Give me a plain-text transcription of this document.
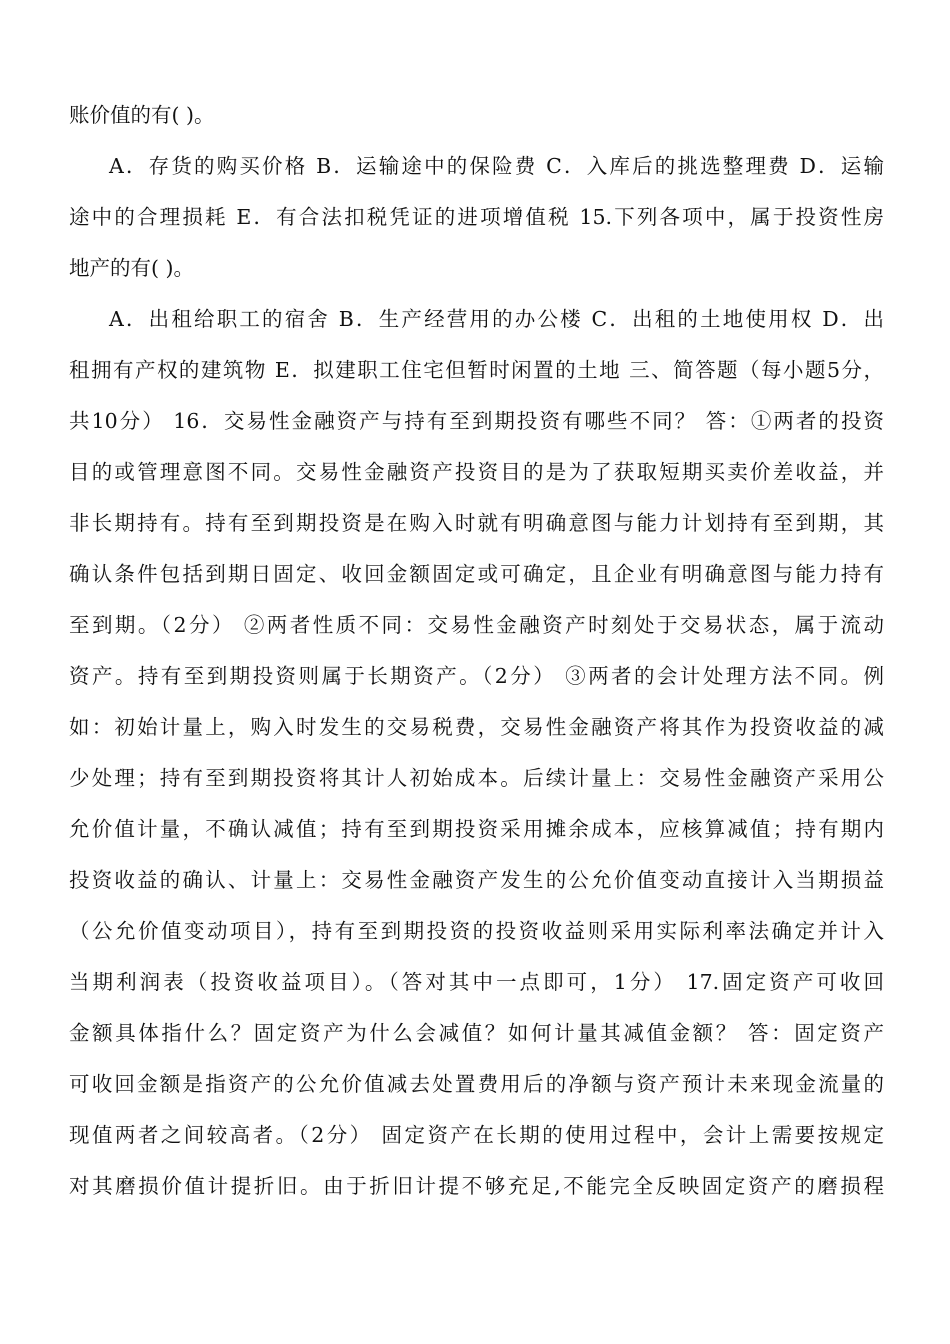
账价值的有( )。
A．存货的购买价格 B．运输途中的保险费 C．入库后的挑选整理费 D．运输
途中的合理损耗 E．有合法扣税凭证的进项增值税 15.下列各项中，属于投资性房
地产的有( )。
A．出租给职工的宿舍 B．生产经营用的办公楼 C．出租的土地使用权 D．出
租拥有产权的建筑物 E．拟建职工住宅但暂时闲置的土地 三、简答题（每小题5分，
共10分） 16．交易性金融资产与持有至到期投资有哪些不同？ 答：①两者的投资
目的或管理意图不同。交易性金融资产投资目的是为了获取短期买卖价差收益，并
非长期持有。持有至到期投资是在购入时就有明确意图与能力计划持有至到期，其
确认条件包括到期日固定、收回金额固定或可确定，且企业有明确意图与能力持有
至到期。（2分） ②两者性质不同：交易性金融资产时刻处于交易状态，属于流动
资产。持有至到期投资则属于长期资产。（2分） ③两者的会计处理方法不同。例
如：初始计量上，购入时发生的交易税费，交易性金融资产将其作为投资收益的减
少处理；持有至到期投资将其计人初始成本。后续计量上：交易性金融资产采用公
允价值计量，不确认减值；持有至到期投资采用摊余成本，应核算减值；持有期内
投资收益的确认、计量上：交易性金融资产发生的公允价值变动直接计入当期损益
（公允价值变动项目），持有至到期投资的投资收益则采用实际利率法确定并计入
当期利润表（投资收益项目）。（答对其中一点即可，1分） 17.固定资产可收回
金额具体指什么？固定资产为什么会减值？如何计量其减值金额？ 答：固定资产
可收回金额是指资产的公允价值减去处置费用后的净额与资产预计未来现金流量的
现值两者之间较高者。（2分） 固定资产在长期的使用过程中，会计上需要按规定
对其磨损价值计提折旧。由于折旧计提不够充足,不能完全反映固定资产的磨损程
